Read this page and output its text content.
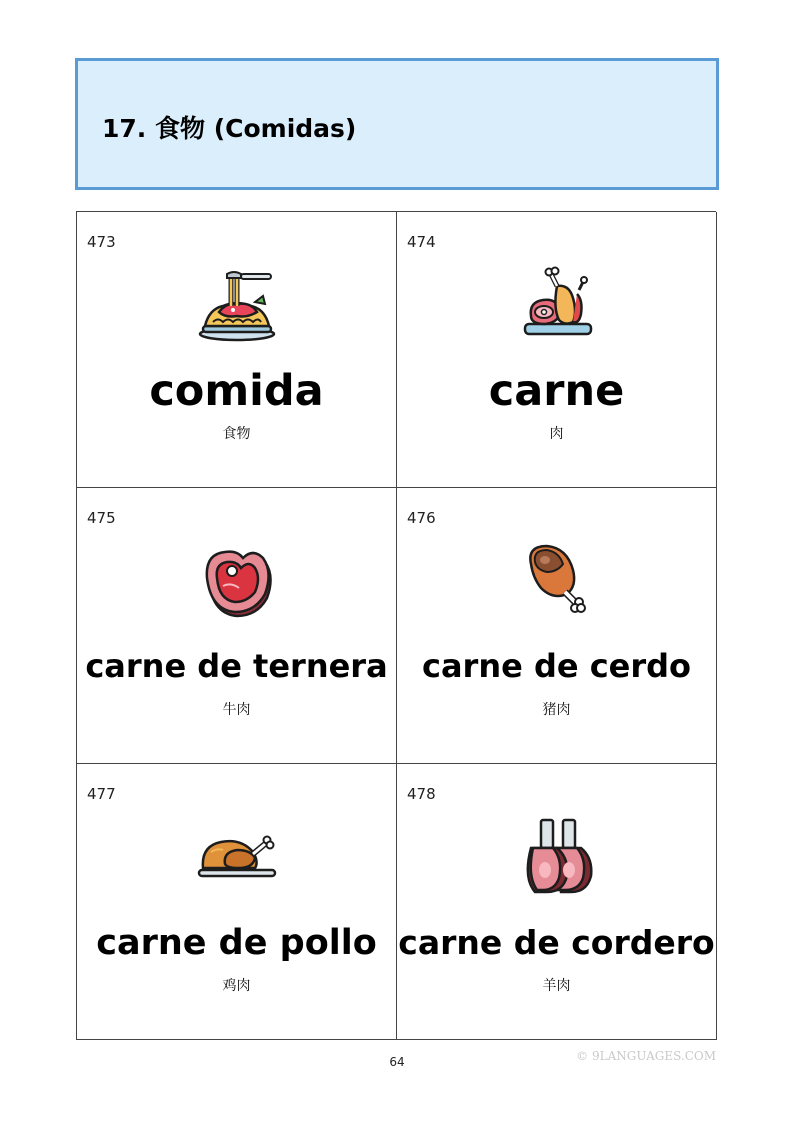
17. 食物 (Comidas)
473
comida
食物
474
carne
肉
475
carne de ternera
牛肉
476
carne de cerdo
猪肉
477
carne de pollo
鸡肉
478
carne de cordero
羊肉
64	© 9LANGUAGES.COM
